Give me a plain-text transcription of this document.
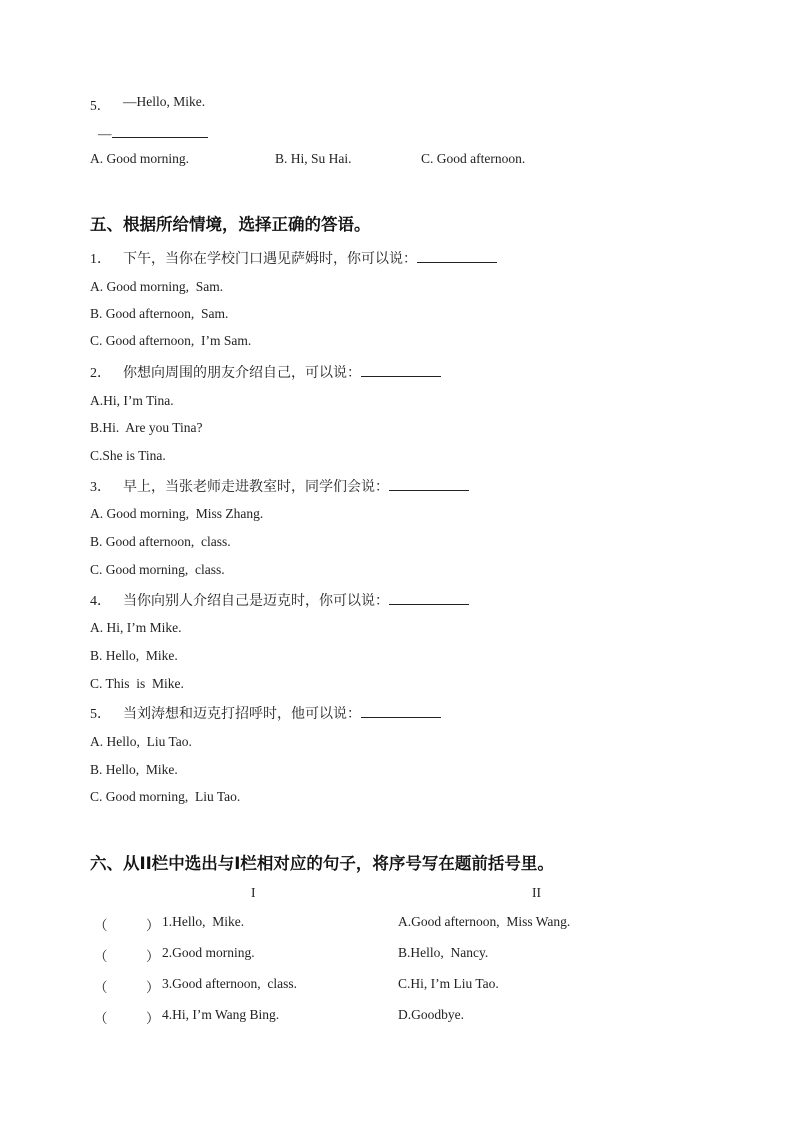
5． —Hello, Mike.
—
A. Good morning.	B. Hi, Su Hai.	C. Good afternoon.
五、根据所给情境，选择正确的答语。
1． 下午，当你在学校门口遇见萨姆时，你可以说：
A. Good morning,  Sam.
B. Good afternoon,  Sam.
C. Good afternoon,  I’m Sam.
2． 你想向周围的朋友介绍自己，可以说：
A.Hi, I’m Tina.
B.Hi.  Are you Tina?
C.She is Tina.
3． 早上，当张老师走进教室时，同学们会说：
A. Good morning,  Miss Zhang.
B. Good afternoon,  class.
C. Good morning,  class.
4． 当你向别人介绍自己是迈克时，你可以说：
A. Hi, I’m Mike.
B. Hello,  Mike.
C. This  is  Mike.
5． 当刘涛想和迈克打招呼时，他可以说：
A. Hello,  Liu Tao.
B. Hello,  Mike.
C. Good morning,  Liu Tao.
六、从II栏中选出与I栏相对应的句子，将序号写在题前括号里。
I	II
（	） 1.Hello,  Mike.	A.Good afternoon,  Miss Wang.
（	） 2.Good morning.	B.Hello,  Nancy.
（	） 3.Good afternoon,  class.	C.Hi, I’m Liu Tao.
（	） 4.Hi, I’m Wang Bing.	D.Goodbye.
